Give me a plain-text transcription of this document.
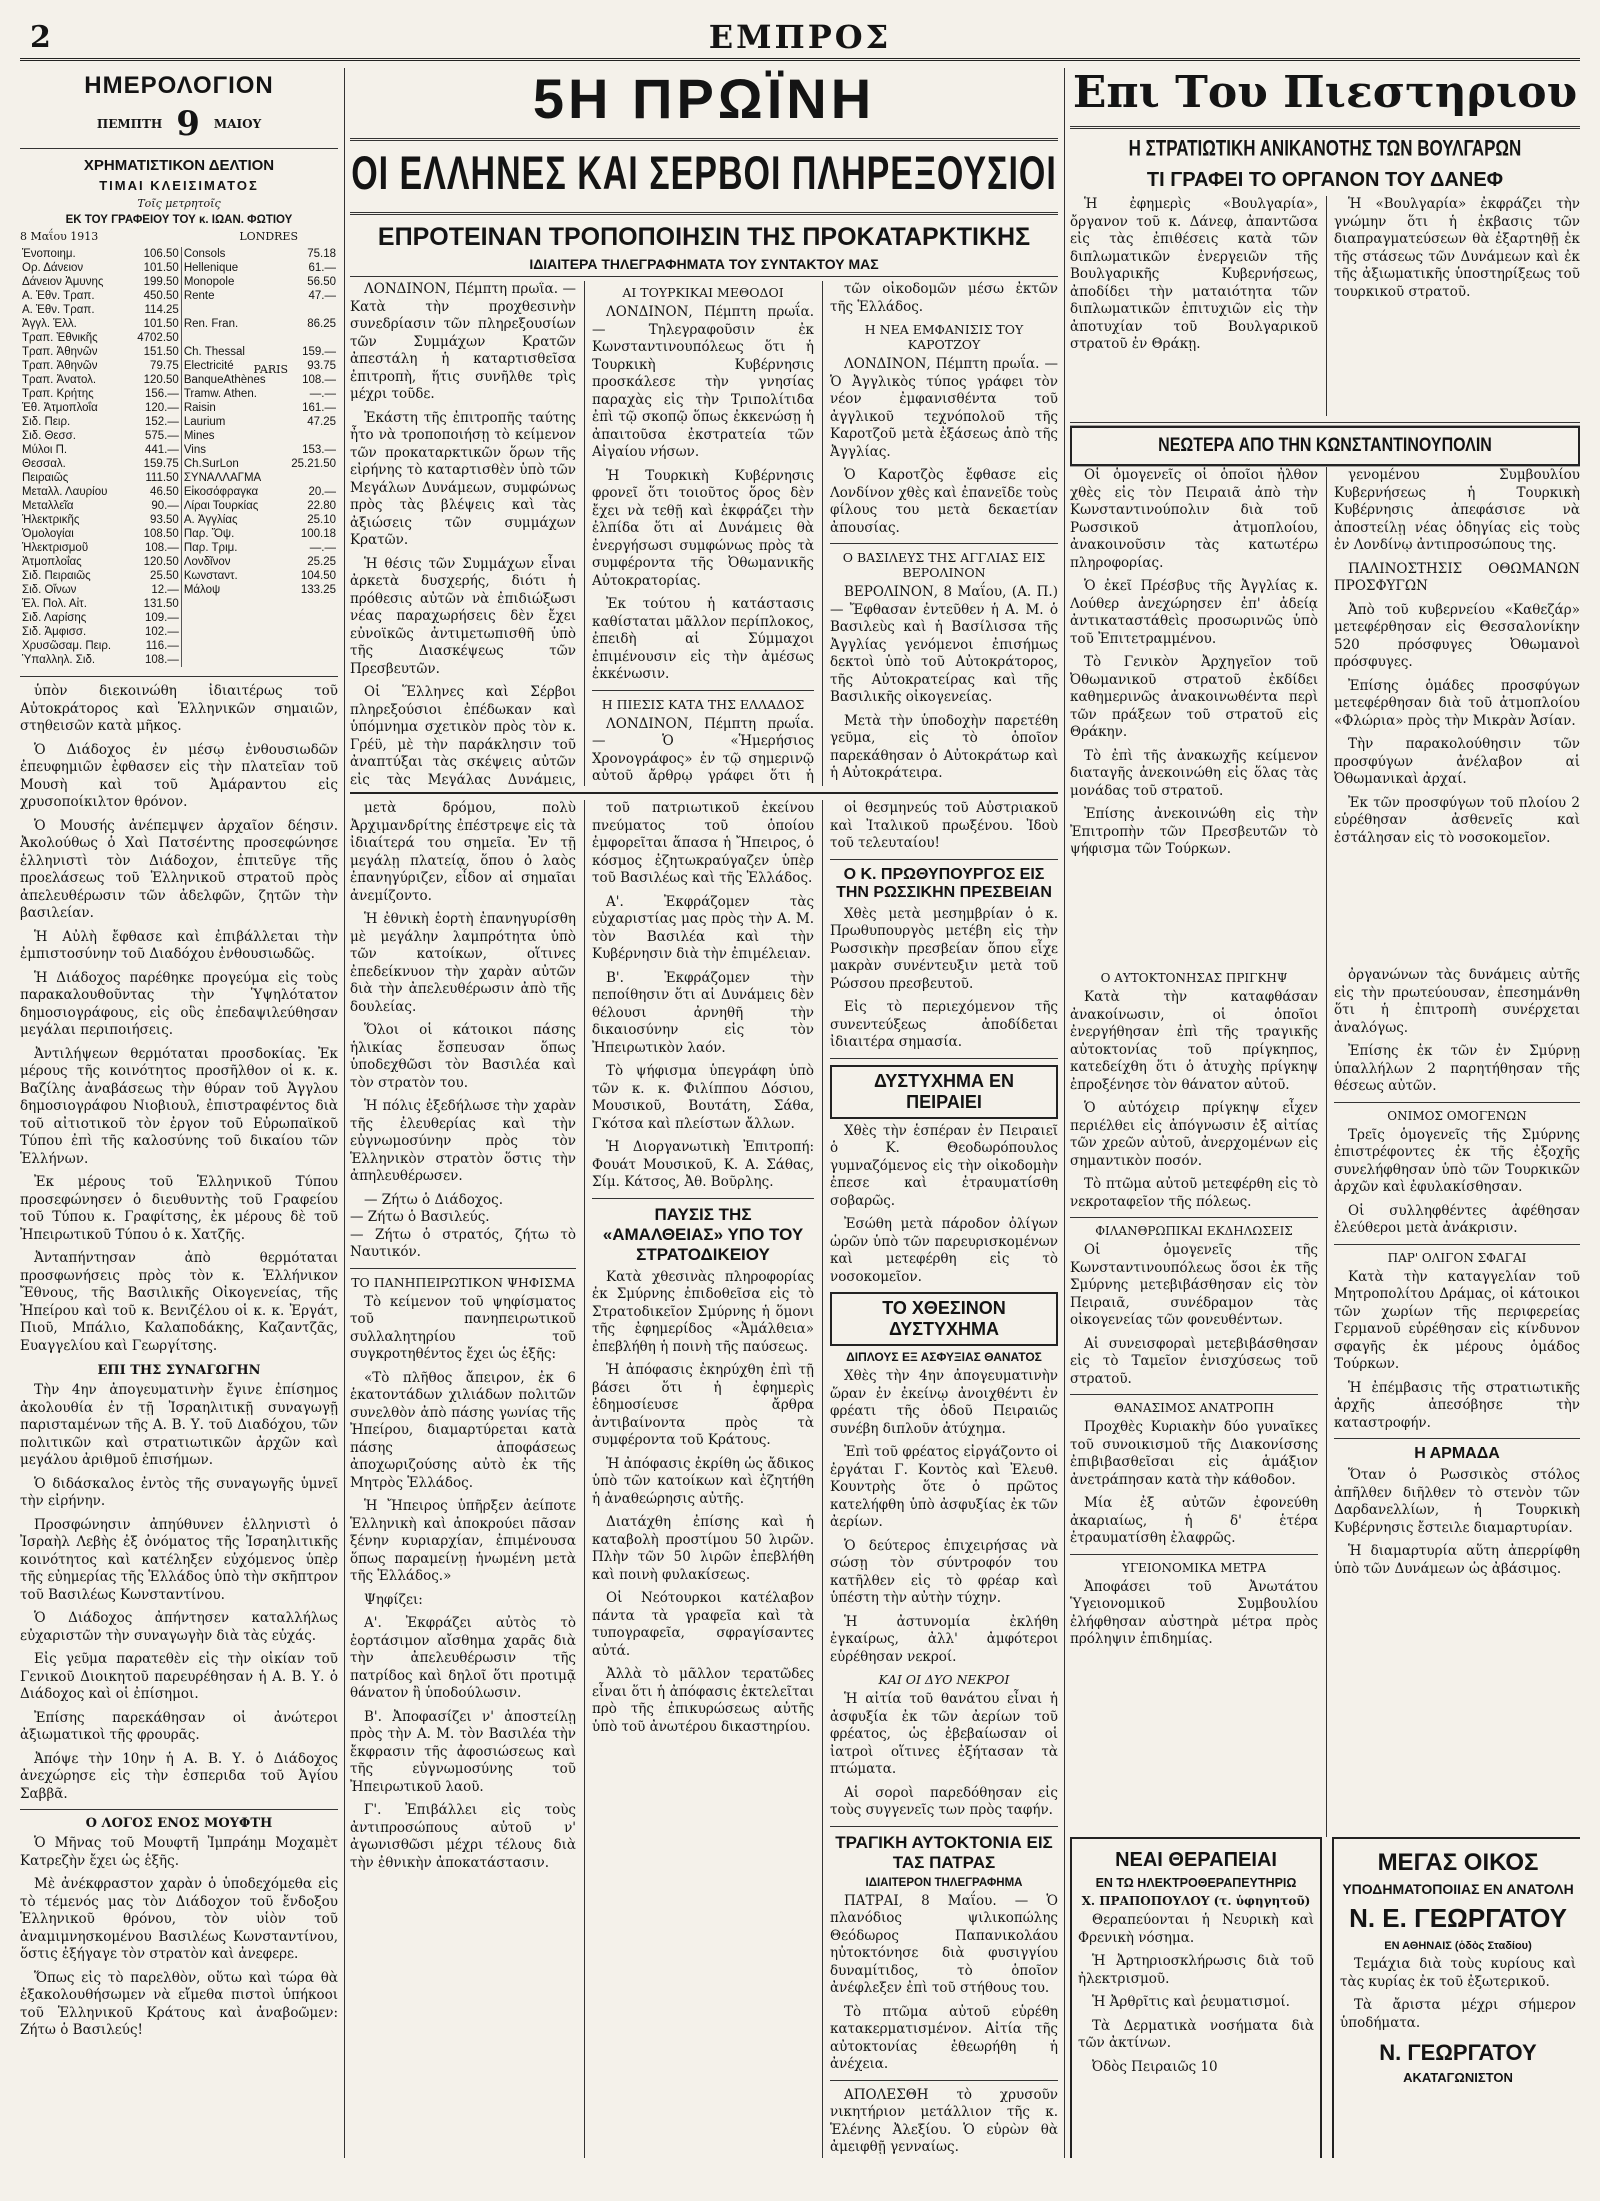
2	ΕΜΠΡΟΣ
ΗΜΕΡΟΛΟΓΙΟΝ
ΠΕΜΠΤΗ 9 ΜΑΙΟΥ
ΧΡΗΜΑΤΙΣΤΙΚΟΝ ΔΕΛΤΙΟΝ
ΤΙΜΑΙ ΚΛΕΙΣΙΜΑΤΟΣ
Τοῖς μετρητοῖς
ΕΚ ΤΟΥ ΓΡΑΦΕΙΟΥ ΤΟΥ κ. ΙΩΑΝ. ΦΩΤΙΟΥ
8 Μαΐου 1913	LONDRES
Ἐνοποιημ.	106.50	Consols	75.18
Ορ. Δάνειον	101.50	Hellenique	61.—
Δάνειον Ἀμυνης	199.50	Monopole	56.50
Α. Ἐθν. Τραπ.	450.50	Rente	47.—
Α. Ἐθν. Τραπ.	114.25		
Ἀγγλ. Ἑλλ.	101.50	Ren. Fran.	86.25
Τραπ. Ἐθνικῆς	4702.50		
Τραπ. Ἀθηνῶν	151.50	Ch. Thessal	159.—
Τραπ. Ἀθηνῶν	79.75	Electricité	93.75
Τραπ. Ἀνατολ.	120.50	BanqueAthènes	108.—
Τραπ. Κρήτης	156.—	Tramw. Athen.	—.—
Ἐθ. Ἀτμοπλοΐα	120.—	Raisin	161.—
Σιδ. Πειρ.	152.—	Laurium	47.25
Σιδ. Θεσσ.	575.—	Mines	
Μύλοι Π.	441.—	Vins	153.—
Θεσσαλ.	159.75	Ch.SurLon	25.21.50
Πειραιῶς	111.50	ΣΥΝΑΛΛΑΓΜΑ	
Μεταλλ. Λαυρίου	46.50	Εἰκοσόφραγκα	20.—
Μεταλλεῖα	90.—	Λίραι Τουρκίας	22.80
Ἠλεκτρικῆς	93.50	Α. Ἀγγλίας	25.10
Ὁμολογίαι	108.50	Παρ. Ὄψ.	100.18
Ἠλεκτρισμοῦ	108.—	Παρ. Τριμ.	—.—
Ἀτμοπλοΐας	120.50	Λονδῖνον	25.25
Σιδ. Πειραιῶς	25.50	Κωνσταντ.	104.50
Σιδ. Οἴνων	12.—	Μάλοψ	133.25
Ἐλ. Πολ. Αἰτ.	131.50		
Σιδ. Λαρίσης	109.—		
Σιδ. Ἀμφισσ.	102.—		
Χρυσῶσαμ. Πειρ.	116.—		
Ὑπαλληλ. Σιδ.	108.—		
PARIS

ὑπὸν διεκοινώθη ἰδιαιτέρως τοῦ Αὐτοκράτορος καὶ Ἑλληνικῶν σημαιῶν, στηθεισῶν κατὰ μῆκος.

Ὁ Διάδοχος ἐν μέσῳ ἐνθουσιωδῶν ἐπευφημιῶν ἐφθασεν εἰς τὴν πλατεῖαν τοῦ Μουσὴ καὶ τοῦ Ἀμάραντου εἰς χρυσοποίκιλτον θρόνον.

Ὁ Μουσής ἀνέπεμψεν ἀρχαῖον δέησιν. Ἀκολούθως ὁ Χαὶ Πατσέντης προσεφώνησε ἑλληνιστὶ τὸν Διάδοχον, ἐπιτεῦγε τῆς προελάσεως τοῦ Ἑλληνικοῦ στρατοῦ πρὸς ἀπελευθέρωσιν τῶν ἀδελφῶν, ζητῶν τὴν βασιλείαν.

Ἡ Αὐλὴ ἔφθασε καὶ ἐπιβάλλεται τὴν ἐμπιστοσύνην τοῦ Διαδόχου ἐνθουσιωδῶς.

Ἡ Διάδοχος παρέθηκε προγεύμα εἰς τοὺς παρακαλουθοῦντας τὴν Ὑψηλότατον δημοσιογράφους, εἰς οὓς ἐπεδαψιλεύθησαν μεγάλαι περιποιήσεις.

Ἀντιλήψεων θερμόταται προσδοκίας. Ἐκ μέρους τῆς κοινότητος προσῆλθον οἱ κ. κ. Βαζίλης ἀναβάσεως τὴν θύραν τοῦ Ἀγγλου δημοσιογράφου Νιοβιουλ, ἐπιστραφέντος διὰ τοῦ αἰτιοτικοῦ τὸν ἐργον τοῦ Εὐρωπαϊκοῦ Τύπου ἐπὶ τῆς καλοσύνης τοῦ δικαίου τῶν Ἑλλήνων.

Ἐκ μέρους τοῦ Ἑλληνικοῦ Τύπου προσεφώνησεν ὁ διευθυντὴς τοῦ Γραφείου τοῦ Τύπου κ. Γραφίτσης, ἐκ μέρους δὲ τοῦ Ἠπειρωτικοῦ Τύπου ὁ κ. Χατζῆς.

Ἀνταπήντησαν ἀπὸ θερμόταται προσφωνήσεις πρὸς τὸν κ. Ἑλλήνικον Ἔθνους, τῆς Βασιλικῆς Οἰκογενείας, τῆς Ἠπείρου καὶ τοῦ κ. Βενιζέλου οἱ κ. κ. Ἐργάτ, Πιοῦ, Μπάλιο, Καλαποδάκης, Καζαντζᾶς, Ευαγγελίου καὶ Γεωργίτσης.

ΕΠΙ ΤΗΣ ΣΥΝΑΓΩΓΗΝ

Τὴν 4ην ἀπογευματινὴν ἔγινε ἐπίσημος ἀκολουθία ἐν τῇ Ἰσραηλιτικῇ συναγωγῇ παρισταμένων τῆς Α. Β. Υ. τοῦ Διαδόχου, τῶν πολιτικῶν καὶ στρατιωτικῶν ἀρχῶν καὶ μεγάλου ἀριθμοῦ ἐπισήμων.

Ὁ διδάσκαλος ἐντὸς τῆς συναγωγῆς ὑμνεῖ τὴν εἰρήνην.

Προσφώνησιν ἀπηύθυνεν ἑλληνιστὶ ὁ Ἰσραὴλ Λεβὴς ἐξ ὀνόματος τῆς Ἰσραηλιτικῆς κοινότητος καὶ κατέληξεν εὐχόμενος ὑπὲρ τῆς εὐημερίας τῆς Ἑλλάδος ὑπὸ τὴν σκῆπτρον τοῦ Βασιλέως Κωνσταντίνου.

Ὁ Διάδοχος ἀπήντησεν καταλλήλως εὐχαριστῶν τὴν συναγωγὴν διὰ τὰς εὐχάς.

Εἰς γεῦμα παρατεθὲν εἰς τὴν οἰκίαν τοῦ Γενικοῦ Διοικητοῦ παρευρέθησαν ἡ Α. Β. Υ. ὁ Διάδοχος καὶ οἱ ἐπίσημοι.

Ἐπίσης παρεκάθησαν οἱ ἀνώτεροι ἀξιωματικοὶ τῆς φρουρᾶς.

Ἀπόψε τὴν 10ην ἡ Α. Β. Υ. ὁ Διάδοχος ἀνεχώρησε εἰς τὴν ἐσπεριδα τοῦ Ἀγίου Σαββᾶ.

Ο ΛΟΓΟΣ ΕΝΟΣ ΜΟΥΦΤΗ

Ὁ Μῆνας τοῦ Μουφτῆ Ἰμπράημ Μοχαμὲτ Κατρεζὴν ἔχει ὡς ἑξῆς.

Μὲ ἀνέκφραστον χαρὰν ὁ ὑποδεχόμεθα εἰς τὸ τέμενός μας τὸν Διάδοχον τοῦ ἔνδοξου Ἑλληνικοῦ θρόνου, τὸν υἱὸν τοῦ ἀναμιμνησκομένου Βασιλέως Κωνσταντίνου, ὅστις ἐξήγαγε τὸν στρατὸν καὶ ἀνεφερε.

Ὅπως εἰς τὸ παρελθὸν, οὕτω καὶ τώρα θὰ ἐξακολουθήσωμεν νὰ εἴμεθα πιστοὶ ὑπήκοοι τοῦ Ἑλληνικοῦ Κράτους καὶ ἀναβοῶμεν: Ζήτω ὁ Βασιλεύς!

5Η ΠΡΩΪΝΗ
ΟΙ ΕΛΛΗΝΕΣ ΚΑΙ ΣΕΡΒΟΙ ΠΛΗΡΕΞΟΥΣΙΟΙ
ΕΠΡΟΤΕΙΝΑΝ ΤΡΟΠΟΠΟΙΗΣΙΝ ΤΗΣ ΠΡΟΚΑΤΑΡΚΤΙΚΗΣ
ΙΔΙΑΙΤΕΡΑ ΤΗΛΕΓΡΑΦΗΜΑΤΑ ΤΟΥ ΣΥΝΤΑΚΤΟΥ ΜΑΣ

ΛΟΝΔΙΝΟΝ, Πέμπτη πρωΐα. — Κατὰ τὴν προχθεσινὴν συνεδρίασιν τῶν πληρεξουσίων τῶν Συμμάχων Κρατῶν ἀπεστάλη ἡ καταρτισθεῖσα ἐπιτροπὴ, ἥτις συνῆλθε τρὶς μέχρι τοῦδε.

Ἐκάστη τῆς ἐπιτροπῆς ταύτης ἦτο νὰ τροποποιήσῃ τὸ κείμενον τῶν προκαταρκτικῶν ὅρων τῆς εἰρήνης τὸ καταρτισθὲν ὑπὸ τῶν Μεγάλων Δυνάμεων, συμφώνως πρὸς τὰς βλέψεις καὶ τὰς ἀξιώσεις τῶν συμμάχων Κρατῶν.

Ἡ θέσις τῶν Συμμάχων εἶναι ἀρκετὰ δυσχερής, διότι ἡ πρόθεσις αὐτῶν νὰ ἐπιδιώξωσι νέας παραχωρήσεις δὲν ἔχει εὐνοϊκῶς ἀντιμετωπισθῆ ὑπὸ τῆς Διασκέψεως τῶν Πρεσβευτῶν.

Οἱ Ἕλληνες καὶ Σέρβοι πληρεξούσιοι ἐπέδωκαν καὶ ὑπόμνημα σχετικὸν πρὸς τὸν κ. Γρέϋ, μὲ τὴν παράκλησιν τοῦ ἀναπτύξαι τὰς σκέψεις αὐτῶν εἰς τὰς Μεγάλας Δυνάμεις,

ΑΙ ΤΟΥΡΚΙΚΑΙ ΜΕΘΟΔΟΙ

ΛΟΝΔΙΝΟΝ, Πέμπτη πρωΐα. — Τηλεγραφοῦσιν ἐκ Κωνσταντινουπόλεως ὅτι ἡ Τουρκικὴ Κυβέρνησις προσκάλεσε τὴν γνησίας παραχὰς εἰς τὴν Τριπολίτιδα ἐπὶ τῷ σκοπῷ ὅπως ἐκκενώσῃ ἡ ἀπαιτοῦσα ἐκστρατεία τῶν Αἰγαίου νήσων.

Ἡ Τουρκικὴ Κυβέρνησις φρονεῖ ὅτι τοιοῦτος ὅρος δὲν ἔχει νὰ τεθῇ καὶ ἐκφράζει τὴν ἐλπίδα ὅτι αἱ Δυνάμεις θὰ ἐνεργήσωσι συμφώνως πρὸς τὰ συμφέροντα τῆς Ὀθωμανικῆς Αὐτοκρατορίας.

Ἐκ τούτου ἡ κατάστασις καθίσταται μᾶλλον περίπλοκος, ἐπειδὴ αἱ Σύμμαχοι ἐπιμένουσιν εἰς τὴν ἀμέσως ἐκκένωσιν.

Η ΠΙΕΣΙΣ ΚΑΤΑ ΤΗΣ ΕΛΛΑΔΟΣ

ΛΟΝΔΙΝΟΝ, Πέμπτη πρωΐα. — Ὁ «Ἡμερήσιος Χρονογράφος» ἐν τῷ σημερινῷ αὐτοῦ ἄρθρῳ γράφει ὅτι ἡ

τῶν οἰκοδομῶν μέσω ἐκτῶν τῆς Ἑλλάδος.

Η ΝΕΑ ΕΜΦΑΝΙΣΙΣ ΤΟΥ ΚΑΡΟΤΖΟΥ

ΛΟΝΔΙΝΟΝ, Πέμπτη πρωΐα. — Ὁ Ἀγγλικὸς τύπος γράφει τὸν νέον ἐμφανισθέντα τοῦ ἀγγλικοῦ τεχνόπολοῦ τῆς Καροτζοῦ μετὰ ἐξάσεως ἀπὸ τῆς Ἀγγλίας.

Ὁ Καροτζὸς ἔφθασε εἰς Λονδίνον χθὲς καὶ ἐπανεῖδε τοὺς φίλους του μετὰ δεκαετίαν ἀπουσίας.

Ο ΒΑΣΙΛΕΥΣ ΤΗΣ ΑΓΓΛΙΑΣ ΕΙΣ ΒΕΡΟΛΙΝΟΝ

ΒΕΡΟΛΙΝΟΝ, 8 Μαΐου, (Α. Π.) — Ἔφθασαν ἐντεῦθεν ἡ Α. Μ. ὁ Βασιλεὺς καὶ ἡ Βασίλισσα τῆς Ἀγγλίας γενόμενοι ἐπισήμως δεκτοὶ ὑπὸ τοῦ Αὐτοκράτορος, τῆς Αὐτοκρατείρας καὶ τῆς Βασιλικῆς οἰκογενείας.

Μετὰ τὴν ὑποδοχὴν παρετέθη γεῦμα, εἰς τὸ ὁποῖον παρεκάθησαν ὁ Αὐτοκράτωρ καὶ ἡ Αὐτοκράτειρα.

μετὰ δρόμου, πολὺ Ἀρχιμανδρίτης ἐπέστρεψε εἰς τὰ ἰδιαίτερά του σημεῖα. Ἐν τῇ μεγάλῃ πλατείᾳ, ὅπου ὁ λαὸς ἐπανηγύριζεν, εἶδον αἱ σημαῖαι ἀνεμίζοντο.

Ἡ ἐθνικὴ ἑορτὴ ἐπανηγυρίσθη μὲ μεγάλην λαμπρότητα ὑπὸ τῶν κατοίκων, οἵτινες ἐπεδείκνυον τὴν χαρὰν αὐτῶν διὰ τὴν ἀπελευθέρωσιν ἀπὸ τῆς δουλείας.

Ὅλοι οἱ κάτοικοι πάσης ἡλικίας ἔσπευσαν ὅπως ὑποδεχθῶσι τὸν Βασιλέα καὶ τὸν στρατὸν του.

Ἡ πόλις ἐξεδήλωσε τὴν χαρὰν τῆς ἐλευθερίας καὶ τὴν εὐγνωμοσύνην πρὸς τὸν Ἑλληνικὸν στρατὸν ὅστις τὴν ἀπηλευθέρωσεν.

— Ζήτω ὁ Διάδοχος.
— Ζήτω ὁ Βασιλεύς.
— Ζήτω ὁ στρατός, ζήτω τὸ Ναυτικόν.

ΤΟ ΠΑΝΗΠΕΙΡΩΤΙΚΟΝ ΨΗΦΙΣΜΑ

Τὸ κείμενον τοῦ ψηφίσματος τοῦ πανηπειρωτικοῦ συλλαλητηρίου τοῦ συγκροτηθέντος ἔχει ὡς ἑξῆς:

«Τὸ πλῆθος ἄπειρον, ἐκ 6 ἑκατοντάδων χιλιάδων πολιτῶν συνελθὸν ἀπὸ πάσης γωνίας τῆς Ἠπείρου, διαμαρτύρεται κατὰ πάσης ἀποφάσεως ἀποχωριζούσης αὐτὸ ἐκ τῆς Μητρὸς Ἑλλάδος.

Ἡ Ἤπειρος ὑπῆρξεν ἀείποτε Ἑλληνικὴ καὶ ἀποκρούει πᾶσαν ξένην κυριαρχίαν, ἐπιμένουσα ὅπως παραμείνῃ ἡνωμένη μετὰ τῆς Ἑλλάδος.»

Ψηφίζει:

Α'. Ἐκφράζει αὐτὸς τὸ ἑορτάσιμον αἴσθημα χαρᾶς διὰ τὴν ἀπελευθέρωσιν τῆς πατρίδος καὶ δηλοῖ ὅτι προτιμᾷ θάνατον ἢ ὑποδούλωσιν.

Β'. Ἀποφασίζει ν' ἀποστείλῃ πρὸς τὴν Α. Μ. τὸν Βασιλέα τὴν ἔκφρασιν τῆς ἀφοσιώσεως καὶ τῆς εὐγνωμοσύνης τοῦ Ἠπειρωτικοῦ λαοῦ.

Γ'. Ἐπιβάλλει εἰς τοὺς ἀντιπροσώπους αὐτοῦ ν' ἀγωνισθῶσι μέχρι τέλους διὰ τὴν ἐθνικὴν ἀποκατάστασιν.

τοῦ πατριωτικοῦ ἐκείνου πνεύματος τοῦ ὁποίου ἐμφορεῖται ἅπασα ἡ Ἤπειρος, ὁ κόσμος ἐζητωκραύγαζεν ὑπὲρ τοῦ Βασιλέως καὶ τῆς Ἑλλάδος.

Α'. Ἐκφράζομεν τὰς εὐχαριστίας μας πρὸς τὴν Α. Μ. τὸν Βασιλέα καὶ τὴν Κυβέρνησιν διὰ τὴν ἐπιμέλειαν.

Β'. Ἐκφράζομεν τὴν πεποίθησιν ὅτι αἱ Δυνάμεις δὲν θέλουσι ἀρνηθῆ τὴν δικαιοσύνην εἰς τὸν Ἠπειρωτικὸν λαόν.

Τὸ ψήφισμα ὑπεγράφη ὑπὸ τῶν κ. κ. Φιλίππου Δόσιου, Μουσικοῦ, Βουτάτη, Σάθα, Γκότσα καὶ πλείστων ἄλλων.

Ἡ Διοργανωτικὴ Ἐπιτροπή: Φουάτ Μουσικοῦ, Κ. Α. Σάθας, Σίμ. Κάτσος, Ἀθ. Βοῦρλης.

ΠΑΥΣΙΣ ΤΗΣ «ΑΜΑΛΘΕΙΑΣ» ΥΠΟ ΤΟΥ ΣΤΡΑΤΟΔΙΚΕΙΟΥ

Κατὰ χθεσινὰς πληροφορίας ἐκ Σμύρνης ἐπιδοθεῖσα εἰς τὸ Στρατοδικεῖον Σμύρνης ἡ ὅμονι τῆς ἐφημερίδος «Ἀμάλθεια» ἐπεβλήθη ἡ ποινὴ τῆς παύσεως.

Ἡ ἀπόφασις ἐκηρύχθη ἐπὶ τῇ βάσει ὅτι ἡ ἐφημερὶς ἐδημοσίευσε ἄρθρα ἀντιβαίνοντα πρὸς τὰ συμφέροντα τοῦ Κράτους.

Ἡ ἀπόφασις ἐκρίθη ὡς ἄδικος ὑπὸ τῶν κατοίκων καὶ ἐζητήθη ἡ ἀναθεώρησις αὐτῆς.

Διατάχθη ἐπίσης καὶ ἡ καταβολὴ προστίμου 50 λιρῶν. Πλὴν τῶν 50 λιρῶν ἐπεβλήθη καὶ ποινὴ φυλακίσεως.

Οἱ Νεότουρκοι κατέλαβον πάντα τὰ γραφεῖα καὶ τὰ τυπογραφεῖα, σφραγίσαντες αὐτά.

Ἀλλὰ τὸ μᾶλλον τερατῶδες εἶναι ὅτι ἡ ἀπόφασις ἐκτελεῖται πρὸ τῆς ἐπικυρώσεως αὐτῆς ὑπὸ τοῦ ἀνωτέρου δικαστηρίου.

οἱ θεσμηνεύς τοῦ Αὐστριακοῦ καὶ Ἰταλικοῦ πρωξένου. Ἰδοὺ τοῦ τελευταίου!

Ο Κ. ΠΡΩΘΥΠΟΥΡΓΟΣ ΕΙΣ ΤΗΝ ΡΩΣΣΙΚΗΝ ΠΡΕΣΒΕΙΑΝ

Χθὲς μετὰ μεσημβρίαν ὁ κ. Πρωθυπουργὸς μετέβη εἰς τὴν Ρωσσικὴν πρεσβείαν ὅπου εἶχε μακρὰν συνέντευξιν μετὰ τοῦ Ρώσσου πρεσβευτοῦ.

Εἰς τὸ περιεχόμενον τῆς συνεντεύξεως ἀποδίδεται ἰδιαιτέρα σημασία.

ΔΥΣΤΥΧΗΜΑ ΕΝ ΠΕΙΡΑΙΕΙ

Χθὲς τὴν ἑσπέραν ἐν Πειραιεῖ ὁ Κ. Θεοδωρόπουλος γυμναζόμενος εἰς τὴν οἰκοδομὴν ἐπεσε καὶ ἐτραυματίσθη σοβαρῶς.

Ἐσώθη μετὰ πάροδον ὀλίγων ὡρῶν ὑπὸ τῶν παρευρισκομένων καὶ μετεφέρθη εἰς τὸ νοσοκομεῖον.

ΤΟ ΧΘΕΣΙΝΟΝ ΔΥΣΤΥΧΗΜΑ
ΔΙΠΛΟΥΣ ΕΞ ΑΣΦΥΞΙΑΣ ΘΑΝΑΤΟΣ

Χθὲς τὴν 4ην ἀπογευματινὴν ὥραν ἐν ἐκείνῳ ἀνοιχθέντι ἐν φρέατι τῆς ὁδοῦ Πειραιῶς συνέβη διπλοῦν ἀτύχημα.

Ἐπὶ τοῦ φρέατος εἰργάζοντο οἱ ἐργάται Γ. Κοντὸς καὶ Ἐλευθ. Κουντρὴς ὅτε ὁ πρῶτος κατελήφθη ὑπὸ ἀσφυξίας ἐκ τῶν ἀερίων.

Ὁ δεύτερος ἐπιχειρήσας νὰ σώσῃ τὸν σύντροφόν του κατῆλθεν εἰς τὸ φρέαρ καὶ ὑπέστη τὴν αὐτὴν τύχην.

Ἡ ἀστυνομία ἐκλήθη ἐγκαίρως, ἀλλ' ἀμφότεροι εὑρέθησαν νεκροί.

ΚΑΙ ΟΙ ΔΥΟ ΝΕΚΡΟΙ

Ἡ αἰτία τοῦ θανάτου εἶναι ἡ ἀσφυξία ἐκ τῶν ἀερίων τοῦ φρέατος, ὡς ἐβεβαίωσαν οἱ ἰατροὶ οἵτινες ἐξήτασαν τὰ πτώματα.

Αἱ σοροὶ παρεδόθησαν εἰς τοὺς συγγενεῖς των πρὸς ταφήν.

ΤΡΑΓΙΚΗ ΑΥΤΟΚΤΟΝΙΑ ΕΙΣ ΤΑΣ ΠΑΤΡΑΣ
ΙΔΙΑΙΤΕΡΟΝ ΤΗΛΕΓΡΑΦΗΜΑ

ΠΑΤΡΑΙ, 8 Μαΐου. — Ὁ πλανόδιος ψιλικοπώλης Θεόδωρος Παπανικολάου ηὐτοκτόνησε διὰ φυσιγγίου δυναμίτιδος, τὸ ὁποῖον ἀνέφλεξεν ἐπὶ τοῦ στήθους του.

Τὸ πτῶμα αὐτοῦ εὑρέθη κατακερματισμένον. Αἰτία τῆς αὐτοκτονίας ἐθεωρήθη ἡ ἀνέχεια.

ΑΠΟΛΕΣΘΗ τὸ χρυσοῦν νικητήριον μετάλλιον τῆς κ. Ἑλένης Ἀλεξίου. Ὁ εὑρὼν θὰ ἀμειφθῇ γενναίως.

Επι Του Πιεστηριου
Η ΣΤΡΑΤΙΩΤΙΚΗ ΑΝΙΚΑΝΟΤΗΣ ΤΩΝ ΒΟΥΛΓΑΡΩΝ
ΤΙ ΓΡΑΦΕΙ ΤΟ ΟΡΓΑΝΟΝ ΤΟΥ ΔΑΝΕΦ

Ἡ ἐφημερὶς «Βουλγαρία», ὄργανον τοῦ κ. Δάνεφ, ἀπαντῶσα εἰς τὰς ἐπιθέσεις κατὰ τῶν διπλωματικῶν ἐνεργειῶν τῆς Βουλγαρικῆς Κυβερνήσεως, ἀποδίδει τὴν ματαιότητα τῶν διπλωματικῶν ἐπιτυχιῶν εἰς τὴν ἀποτυχίαν τοῦ Βουλγαρικοῦ στρατοῦ ἐν Θράκῃ.

Ἡ «Βουλγαρία» ἐκφράζει τὴν γνώμην ὅτι ἡ ἐκβασις τῶν διαπραγματεύσεων θὰ ἐξαρτηθῇ ἐκ τῆς στάσεως τῶν Δυνάμεων καὶ ἐκ τῆς ἀξιωματικῆς ὑποστηρίξεως τοῦ τουρκικοῦ στρατοῦ.

ΝΕΩΤΕΡΑ ΑΠΟ ΤΗΝ ΚΩΝΣΤΑΝΤΙΝΟΥΠΟΛΙΝ

Οἱ ὁμογενεῖς οἱ ὁποῖοι ἦλθον χθὲς εἰς τὸν Πειραιᾶ ἀπὸ τὴν Κωνσταντινούπολιν διὰ τοῦ Ρωσσικοῦ ἀτμοπλοίου, ἀνακοινοῦσιν τὰς κατωτέρω πληροφορίας.

Ὁ ἐκεῖ Πρέσβυς τῆς Ἀγγλίας κ. Λούθερ ἀνεχώρησεν ἐπ' ἀδείᾳ ἀντικαταστάθεὶς προσωρινῶς ὑπὸ τοῦ Ἐπιτετραμμένου.

Τὸ Γενικὸν Ἀρχηγεῖον τοῦ Ὀθωμανικοῦ στρατοῦ ἐκδίδει καθημερινῶς ἀνακοινωθέντα περὶ τῶν πράξεων τοῦ στρατοῦ εἰς Θράκην.

Τὸ ἐπὶ τῆς ἀνακωχῆς κείμενον διαταγῆς ἀνεκοινώθη εἰς ὅλας τὰς μονάδας τοῦ στρατοῦ.

Ἐπίσης ἀνεκοινώθη εἰς τὴν Ἐπιτροπὴν τῶν Πρεσβευτῶν τὸ ψήφισμα τῶν Τούρκων.

γενομένου Συμβουλίου Κυβερνήσεως ἡ Τουρκικὴ Κυβέρνησις ἀπεφάσισε νὰ ἀποστείλῃ νέας ὁδηγίας εἰς τοὺς ἐν Λονδίνῳ ἀντιπροσώπους της.

ΠΑΛΙΝΟΣΤΗΣΙΣ ΟΘΩΜΑΝΩΝ ΠΡΟΣΦΥΓΩΝ

Ἀπὸ τοῦ κυβερνείου «Καθεζάρ» μετεφέρθησαν εἰς Θεσσαλονίκην 520 πρόσφυγες Ὀθωμανοὶ πρόσφυγες.

Ἐπίσης ὁμάδες προσφύγων μετεφέρθησαν διὰ τοῦ ἀτμοπλοίου «Φλώρια» πρὸς τὴν Μικρὰν Ἀσίαν.

Τὴν παρακολούθησιν τῶν προσφύγων ἀνέλαβον αἱ Ὀθωμανικαὶ ἀρχαί.

Ἐκ τῶν προσφύγων τοῦ πλοίου 2 εὑρέθησαν ἀσθενεῖς καὶ ἐστάλησαν εἰς τὸ νοσοκομεῖον.

Ο ΑΥΤΟΚΤΟΝΗΣΑΣ ΠΡΙΓΚΗΨ

Κατὰ τὴν καταφθάσαν ἀνακοίνωσιν, οἱ ὁποῖοι ἐνεργήθησαν ἐπὶ τῆς τραγικῆς αὐτοκτονίας τοῦ πρίγκηπος, κατεδείχθη ὅτι ὁ ἀτυχὴς πρίγκηψ ἐπροξένησε τὸν θάνατον αὐτοῦ.

Ὁ αὐτόχειρ πρίγκηψ εἶχεν περιέλθει εἰς ἀπόγνωσιν ἐξ αἰτίας τῶν χρεῶν αὐτοῦ, ἀνερχομένων εἰς σημαντικὸν ποσόν.

Τὸ πτῶμα αὐτοῦ μετεφέρθη εἰς τὸ νεκροταφεῖον τῆς πόλεως.

ΦΙΛΑΝΘΡΩΠΙΚΑΙ ΕΚΔΗΛΩΣΕΙΣ

Οἱ ὁμογενεῖς τῆς Κωνσταντινουπόλεως ὅσοι ἐκ τῆς Σμύρνης μετεβιβάσθησαν εἰς τὸν Πειραιᾶ, συνέδραμον τὰς οἰκογενείας τῶν φονευθέντων.

Αἱ συνεισφοραὶ μετεβιβάσθησαν εἰς τὸ Ταμεῖον ἐνισχύσεως τοῦ στρατοῦ.

ΘΑΝΑΣΙΜΟΣ ΑΝΑΤΡΟΠΗ

Προχθὲς Κυριακὴν δύο γυναῖκες τοῦ συνοικισμοῦ τῆς Διακονίσσης ἐπιβιβασθεῖσαι εἰς ἁμάξιον ἀνετράπησαν κατὰ τὴν κάθοδον.

Μία ἐξ αὐτῶν ἐφονεύθη ἀκαριαίως, ἡ δ' ἑτέρα ἐτραυματίσθη ἐλαφρῶς.

ΥΓΕΙΟΝΟΜΙΚΑ ΜΕΤΡΑ

Ἀποφάσει τοῦ Ἀνωτάτου Ὑγειονομικοῦ Συμβουλίου ἐλήφθησαν αὐστηρὰ μέτρα πρὸς πρόληψιν ἐπιδημίας.

ὀργανώνων τὰς δυνάμεις αὐτῆς εἰς τὴν πρωτεύουσαν, ἐπεσημάνθη ὅτι ἡ ἐπιτροπὴ συνέρχεται ἀναλόγως.

Ἐπίσης ἐκ τῶν ἐν Σμύρνῃ ὑπαλλήλων 2 παρητήθησαν τῆς θέσεως αὐτῶν.

ΟΝΙΜΟΣ ΟΜΟΓΕΝΩΝ

Τρεῖς ὁμογενεῖς τῆς Σμύρνης ἐπιστρέφοντες ἐκ τῆς ἐξοχῆς συνελήφθησαν ὑπὸ τῶν Τουρκικῶν ἀρχῶν καὶ ἐφυλακίσθησαν.

Οἱ συλληφθέντες ἀφέθησαν ἐλεύθεροι μετὰ ἀνάκρισιν.

ΠΑΡ' ΟΛΙΓΟΝ ΣΦΑΓΑΙ

Κατὰ τὴν καταγγελίαν τοῦ Μητροπολίτου Δράμας, οἱ κάτοικοι τῶν χωρίων τῆς περιφερείας Γερμανοῦ εὑρέθησαν εἰς κίνδυνον σφαγῆς ἐκ μέρους ὁμάδος Τούρκων.

Ἡ ἐπέμβασις τῆς στρατιωτικῆς ἀρχῆς ἀπεσόβησε τὴν καταστροφήν.

Η ΑΡΜΑΔΑ

Ὅταν ὁ Ρωσσικὸς στόλος ἀπῆλθεν διῆλθεν τὸ στενὸν τῶν Δαρδανελλίων, ἡ Τουρκικὴ Κυβέρνησις ἔστειλε διαμαρτυρίαν.

Ἡ διαμαρτυρία αὕτη ἀπερρίφθη ὑπὸ τῶν Δυνάμεων ὡς ἀβάσιμος.

ΝΕΑΙ ΘΕΡΑΠΕΙΑΙ
ΕΝ ΤΩ ΗΛΕΚΤΡΟΘΕΡΑΠΕΥΤΗΡΙΩ
Χ. ΠΡΑΠΟΠΟΥΛΟΥ (τ. ὑφηγητοῦ)

Θεραπεύονται ἡ Νευρικὴ καὶ Φρενικὴ νόσημα.

Ἡ Ἀρτηριοσκλήρωσις διὰ τοῦ ἠλεκτρισμοῦ.

Ἡ Ἀρθρῖτις καὶ ῥευματισμοί.

Τὰ Δερματικὰ νοσήματα διὰ τῶν ἀκτίνων.

Ὀδὸς Πειραιῶς 10

ΜΕΓΑΣ ΟΙΚΟΣ
ΥΠΟΔΗΜΑΤΟΠΟΙΙΑΣ ΕΝ ΑΝΑΤΟΛΗ
Ν. Ε. ΓΕΩΡΓΑΤΟΥ
ΕΝ ΑΘΗΝΑΙΣ (ὁδὸς Σταδίου)

Τεμάχια διὰ τοὺς κυρίους καὶ τὰς κυρίας ἐκ τοῦ ἐξωτερικοῦ.

Τὰ ἄριστα μέχρι σήμερον ὑποδήματα.

Ν. ΓΕΩΡΓΑΤΟΥ
ΑΚΑΤΑΓΩΝΙΣΤΟΝ
